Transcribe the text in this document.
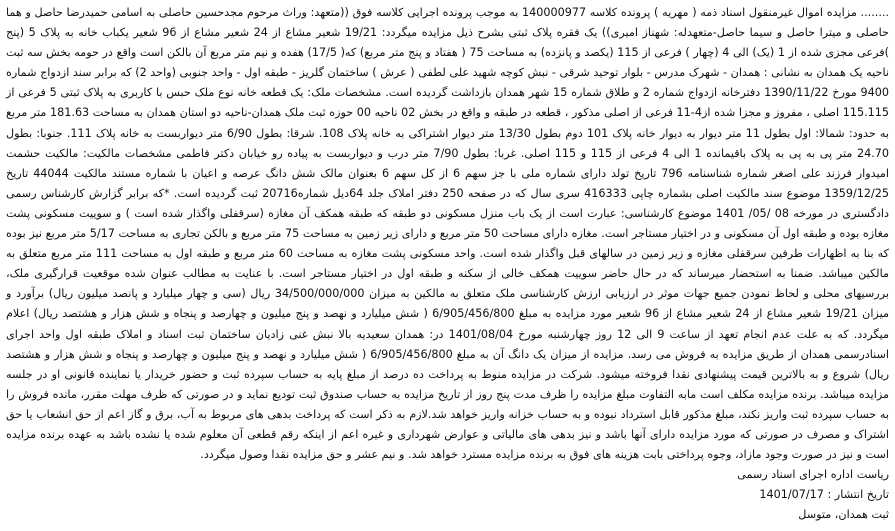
........ مزایده اموال غیرمنقول اسناد ذمه ( مهریه ) پرونده کلاسه 140000977 به موجب پرونده اجرایی کلاسه فوق ((متعهد: وراث مرحوم مجدحسین حاصلی به اسامی حمیدرضا حاصل و هما حاصلی و میترا حاصل و سیما حاصل-متعهدله: شهناز امیری)) یک فقره پلاک ثبتی بشرح ذیل مزایده میگردد: 19/21 شعیر مشاع از 24 شعیر مشاع از 96 شعیر یکباب خانه به پلاک 5 (پنج )فرعی مجزی شده از 1 (یک) الی 4 (چهار ) فرعی از 115 (یکصد و پانزده) به مساحت 75 ( هفتاد و پنج متر مربع) که( 17/5) هفده و نیم متر مربع آن بالکن است واقع در حومه بخش سه ثبت ناحیه یک همدان به نشانی : همدان - شهرک مدرس - بلوار توحید شرقی - نبش کوچه شهید علی لطفی ( عرش ) ساختمان گلریز - طبقه اول - واحد جنوبی (واحد 2) که برابر سند ازدواج شماره 9400 مورخ 1390/11/22 دفترخانه ازدواج شماره 2 و طلاق شماره 15 شهر همدان بازداشت گردیده است. مشخصات ملک: یک قطعه خانه نوع ملک حبس با کاربری به پلاک ثبتی 5 فرعی از 115.115 اصلی ، مفروز و مجزا شده از4-11 فرعی از اصلی مذکور ، قطعه در طبقه و واقع در بخش 02 ناحیه 00 حوزه ثبت ملک همدان-ناحیه دو استان همدان به مساحت 181.63 متر مربع به حدود: شمالا: اول بطول 11 متر دیوار به دیوار خانه پلاک 101 دوم بطول 13/30 متر دیوار اشتراکی به خانه پلاک 108. شرقا: بطول 6/90 متر دیواربست به خانه پلاک 111. جنوبا: بطول 24.70 متر پی به پی به پلاک باقیمانده 1 الی 4 فرعی از 115 و 115 اصلی. غربا: بطول 7/90 متر درب و دیواربست به پیاده رو خیابان دکتر فاطمی مشخصات مالکیت: مالکیت حشمت امیدوار فرزند علی اصغر شماره شناسنامه 796 تاریخ تولد دارای شماره ملی با جز سهم 6 از کل سهم 6 بعنوان مالک شش دانگ عرصه و اعیان با شماره مستند مالکیت 44044 تاریخ 1359/12/25 موضوع سند مالکیت اصلی بشماره چاپی 416333 سری سال که در صفحه 250 دفتر املاک جلد 64دیل شماره20716 ثبت گردیده است. *که برابر گزارش کارشناس رسمی دادگستری در مورخه 08 /05/ 1401 موضوع کارشناسی: عبارت است از یک باب منزل مسکونی دو طبقه که طبقه همکف آن مغازه (سرقفلی واگذار شده است ) و سوییت مسکونی پشت مغازه بوده و طبقه اول آن مسکونی و در اختیار مستاجر است. مغازه دارای مساحت 50 متر مربع و دارای زیر زمین به مساحت 75 متر مربع و بالکن تجاری به مساحت 5/17 متر مربع نیز بوده که بنا به اظهارات طرفین سرقفلی مغازه و زیر زمین در سالهای قبل واگذار شده است. واحد مسکونی پشت مغازه به مساحت 60 متر مربع و طبقه اول به مساحت 111 متر مربع متعلق به مالکین میباشد. ضمنا به استحضار میرساند که در حال حاضر سوییت همکف خالی از سکنه و طبقه اول در اختیار مستاجر است. با عنایت به مطالب عنوان شده موقعیت قرارگیری ملک، بررسیهای محلی و لحاظ نمودن جمیع جهات موثر در ارزیابی ارزش کارشناسی ملک متعلق به مالکین به میزان 34/500/000/000 ریال (سی و چهار میلیارد و پانصد میلیون ریال) برآورد و میزان 19/21 شعیر مشاع از 24 شعیر مشاع از 96 شعیر مورد مزایده به مبلغ 6/905/456/800 ( شش میلیارد و نهصد و پنج میلیون و چهارصد و پنجاه و شش هزار و هشتصد ریال) اعلام میگردد. که به علت عدم انجام تعهد از ساعت 9 الی 12 روز چهارشنبه مورخ 1401/08/04 در: همدان سعیدیه بالا نبش غنی زادیان ساختمان ثبت اسناد و املاک طبقه اول واحد اجرای اسنادرسمی همدان از طریق مزایده به فروش می رسد. مزایده از میزان یک دانگ آن به مبلغ 6/905/456/800 ( شش میلیارد و نهصد و پنج میلیون و چهارصد و پنجاه و شش هزار و هشتصد ریال) شروع و به بالاترین قیمت پیشنهادی نقدا فروخته میشود. شرکت در مزایده منوط به پرداخت ده درصد از مبلغ پایه به حساب سپرده ثبت و حضور خریدار یا نماینده قانونی او در جلسه مزایده میباشد. برنده مزایده مکلف است مابه التفاوت مبلغ مزایده را ظرف مدت پنج روز از تاریخ مزایده به حساب صندوق ثبت تودیع نماید و در صورتی که ظرف مهلت مقرر، مانده فروش را به حساب سپرده ثبت واریز نکند، مبلغ مذکور قابل استرداد نبوده و به حساب خزانه واریز خواهد شد.لازم به ذکر است که پرداخت بدهی های مربوط به آب، برق و گاز اعم از حق انشعاب یا حق اشتراک و مصرف در صورتی که مورد مزایده دارای آنها باشد و نیز بدهی های مالیاتی و عوارض شهرداری و غیره اعم از اینکه رقم قطعی آن معلوم شده یا نشده باشد به عهده برنده مزایده است و نیز در صورت وجود مازاد، وجوه پرداختی بابت هزینه های فوق به برنده مزایده مسترد خواهد شد. و نیم عشر و حق مزایده نقدا وصول میگردد.

ریاست اداره اجرای اسناد رسمی

تاریخ انتشار : 1401/07/17

ثبت همدان، متوسل
